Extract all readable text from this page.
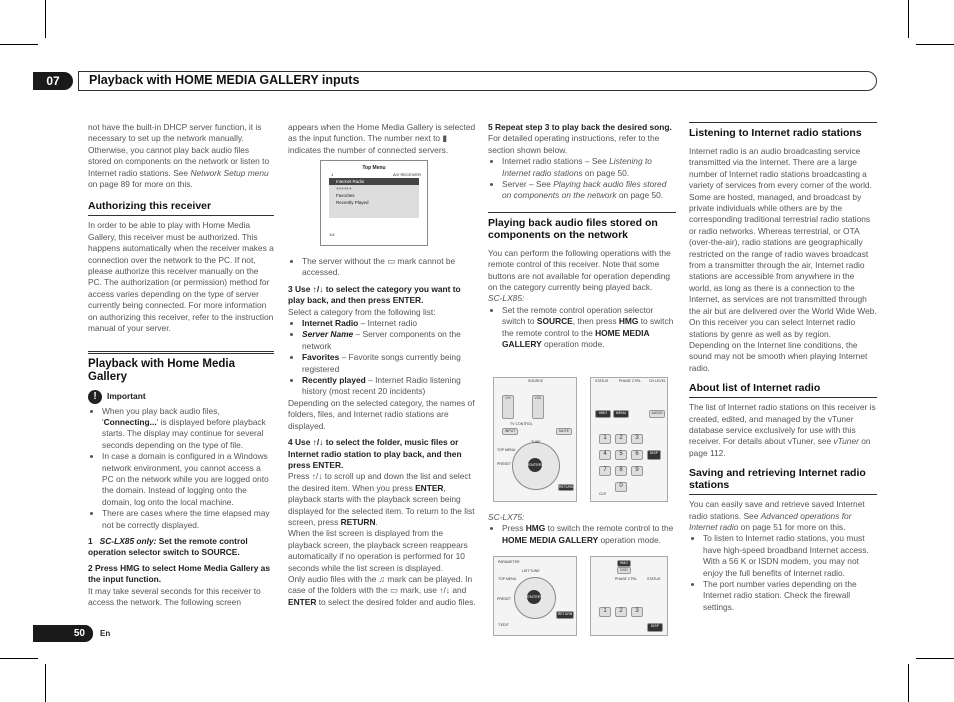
07	Playback with HOME MEDIA GALLERY inputs

not have the built-in DHCP server function, it is necessary to set up the network manually. Otherwise, you cannot play back audio files stored on components on the network or listen to Internet radio stations. See Network Setup menu on page 89 for more on this.

Authorizing this receiver

In order to be able to play with Home Media Gallery, this receiver must be authorized. This happens automatically when the receiver makes a connection over the network to the PC. If not, please authorize this receiver manually on the PC. The authorization (or permission) method for access varies depending on the type of server currently being connected. For more information on authorizing this receiver, refer to the instruction manual of your server.

Playback with Home Media Gallery
!	Important
• When you play back audio files, 'Connecting...' is displayed before playback starts. The display may continue for several seconds depending on the type of file.
• In case a domain is configured in a Windows network environment, you cannot access a PC on the network while you are logged onto the domain. Instead of logging onto the domain, log onto the local machine.
• There are cases where the time elapsed may not be correctly displayed.

1 SC-LX85 only: Set the remote control operation selector switch to SOURCE.

2 Press HMG to select Home Media Gallery as the input function.

It may take several seconds for this receiver to access the network. The following screen

appears when the Home Media Gallery is selected as the input function. The number next to ▮ indicates the number of connected servers.

Top Menu
1	A/V RECEIVER
Internet Radio
++++++
Favorites
Recently Played
1/4
• The server without the ▭ mark cannot be accessed.

3 Use ↑/↓ to select the category you want to play back, and then press ENTER.

Select a category from the following list:

• Internet Radio – Internet radio
• Server Name – Server components on the network
• Favorites – Favorite songs currently being registered
• Recently played – Internet Radio listening history (most recent 20 incidents)

Depending on the selected category, the names of folders, files, and Internet radio stations are displayed.

4 Use ↑/↓ to select the folder, music files or Internet radio station to play back, and then press ENTER.

Press ↑/↓ to scroll up and down the list and select the desired item. When you press ENTER, playback starts with the playback screen being displayed for the selected item. To return to the list screen, press RETURN.

When the list screen is displayed from the playback screen, the playback screen reappears automatically if no operation is performed for 10 seconds while the list screen is displayed.

Only audio files with the ♫ mark can be played. In case of the folders with the ▭ mark, use ↑/↓ and ENTER to select the desired folder and audio files.

5 Repeat step 3 to play back the desired song.

For detailed operating instructions, refer to the section shown below.

• Internet radio stations – See Listening to Internet radio stations on page 50.
• Server – See Playing back audio files stored on components on the network on page 50.
Playing back audio files stored on components on the network

You can perform the following operations with the remote control of this receiver. Note that some buttons are not available for operation depending on the category currently being played back.

SC-LX85:

• Set the remote control operation selector switch to SOURCE, then press HMG to switch the remote control to the HOME MEDIA GALLERY operation mode.
SOURCE
CH	VOL
TV CONTROL
INPUT	MUTE
ENTER
TUNE
PRESET
TOP MENU
RETURN
STATUS	PHASE CTRL CH LEVEL
HMG	MENU	AUDIO
1	2	3
4	5	6
7	8	9
0
DISP
CLR

SC-LX75:

• Press HMG to switch the remote control to the HOME MEDIA GALLERY operation mode.
PARAMETER
TUNE
TOP MENU
PRESET	ENTER
RETURN
LIST
T.EDIT
HMG
DVD
PHASE CTRL	STATUS
1	2	3
DISP
Listening to Internet radio stations

Internet radio is an audio broadcasting service transmitted via the Internet. There are a large number of Internet radio stations broadcasting a variety of services from every corner of the world. Some are hosted, managed, and broadcast by private individuals while others are by the corresponding traditional terrestrial radio stations or radio networks. Whereas terrestrial, or OTA (over-the-air), radio stations are geographically restricted on the range of radio waves broadcast from a transmitter through the air, Internet radio stations are accessible from anywhere in the world, as long as there is a connection to the Internet, as services are not transmitted through the air but are delivered over the World Wide Web. On this receiver you can select Internet radio stations by genre as well as by region.

Depending on the Internet line conditions, the sound may not be smooth when playing Internet radio.

About list of Internet radio

The list of Internet radio stations on this receiver is created, edited, and managed by the vTuner database service exclusively for use with this receiver. For details about vTuner, see vTuner on page 112.

Saving and retrieving Internet radio stations

You can easily save and retrieve saved Internet radio stations. See Advanced operations for Internet radio on page 51 for more on this.

• To listen to Internet radio stations, you must have high-speed broadband Internet access. With a 56 K or ISDN modem, you may not enjoy the full benefits of Internet radio.
• The port number varies depending on the Internet radio station. Check the firewall settings.
50	En
